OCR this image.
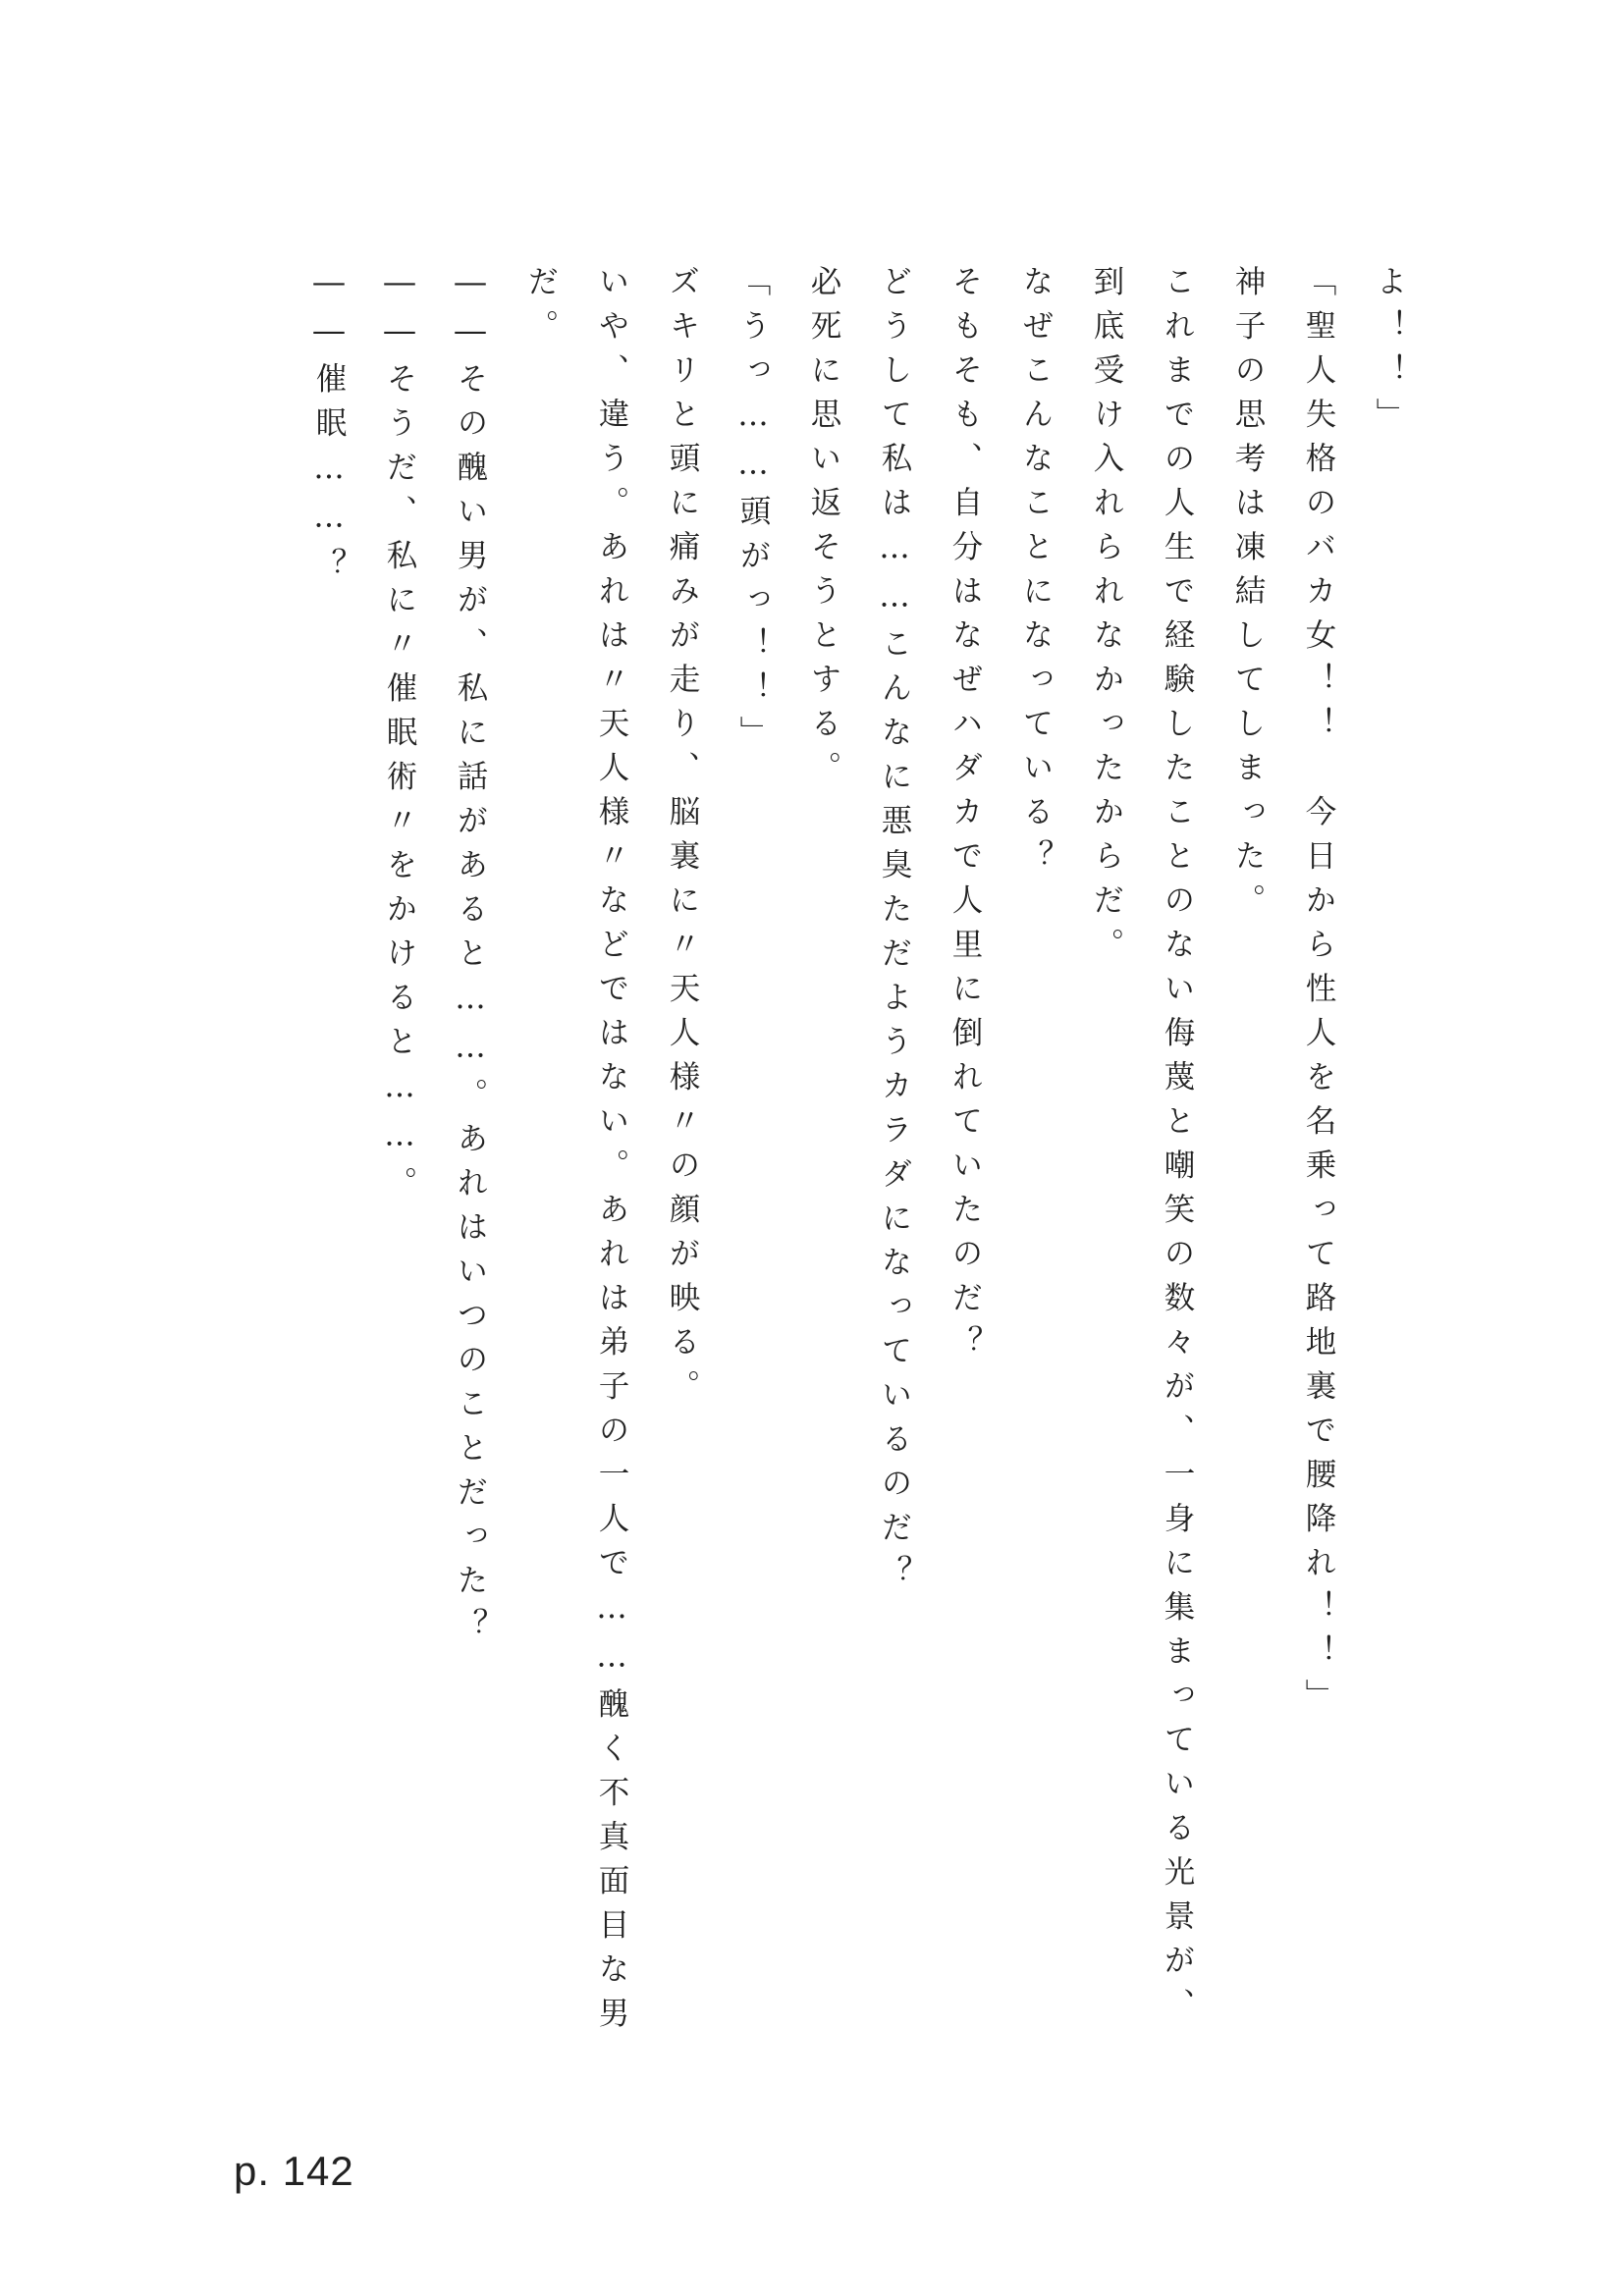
よ！！」
「聖人失格のバカ女！！　今日から性人を名乗って路地裏で腰降れ！！」
神子の思考は凍結してしまった。
これまでの人生で経験したことのない侮蔑と嘲笑の数々が、一身に集まっている光景が、
到底受け入れられなかったからだ。
なぜこんなことになっている？
そもそも、自分はなぜハダカで人里に倒れていたのだ？
どうして私は……こんなに悪臭ただようカラダになっているのだ？
必死に思い返そうとする。
「うっ……頭がっ！！」
ズキリと頭に痛みが走り、脳裏に〃天人様〃の顔が映る。
いや、違う。あれは〃天人様〃などではない。あれは弟子の一人で……醜く不真面目な男
だ。
――その醜い男が、私に話があると……。あれはいつのことだった？
――そうだ、私に〃催眠術〃をかけると……。
――催眠……？
p. 142
